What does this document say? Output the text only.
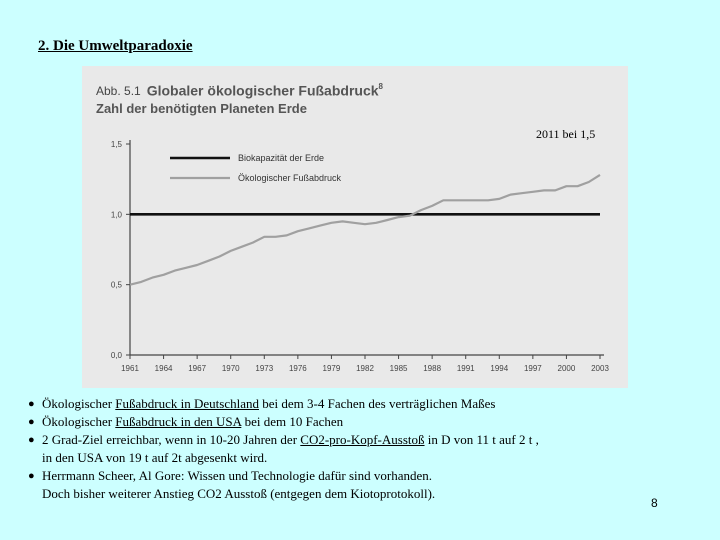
2. Die Umweltparadoxie
Abb. 5.1 Globaler ökologischer Fußabdruck$^8$
Zahl der benötigten Planeten Erde
0,0
0,5
1,0
1,5
1961 1964 1967 1970 1973 1976 1979 1982 1985 1988 1991 1994 1997 2000 2003
Biokapazität der Erde
Ökologischer Fußabdruck
2011 bei 1,5
● Ökologischer Fußabdruck in Deutschland bei dem 3-4 Fachen des verträglichen Maßes
● Ökologischer Fußabdruck in den USA bei dem 10 Fachen
● 2 Grad-Ziel erreichbar, wenn in 10-20 Jahren der CO2-pro-Kopf-Ausstoß in D von 11 t auf 2 t ,
in den USA von 19 t auf 2t abgesenkt wird.
● Herrmann Scheer, Al Gore: Wissen und Technologie dafür sind vorhanden.
Doch bisher weiterer Anstieg CO2 Ausstoß (entgegen dem Kiotoprotokoll).
8
